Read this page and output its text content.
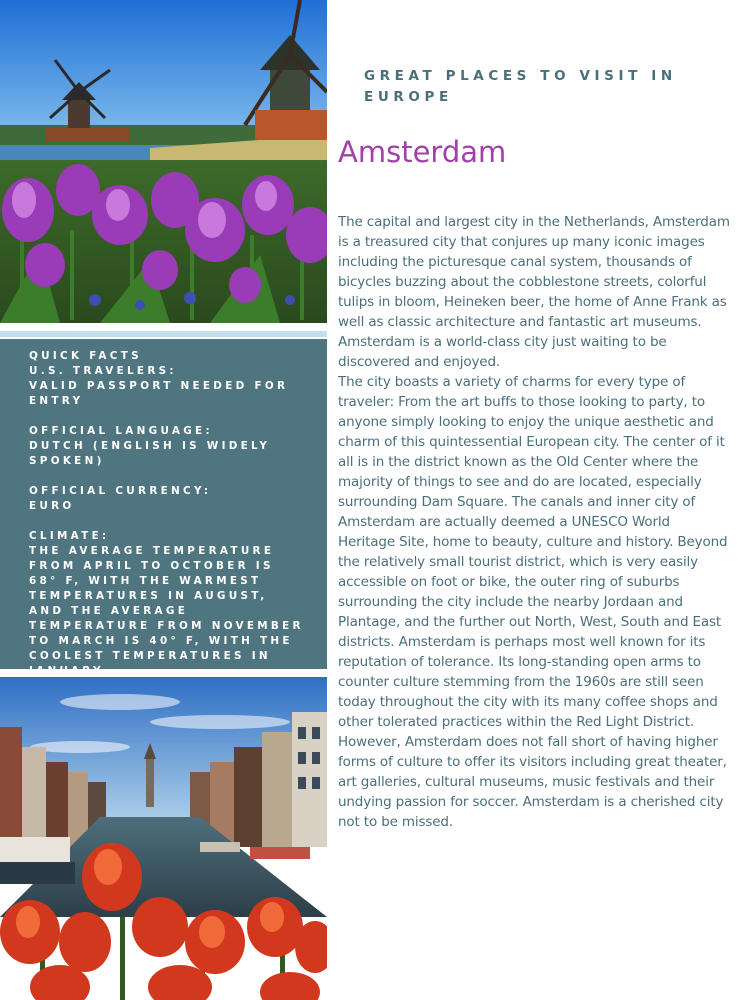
QUICK FACTS

U.S. TRAVELERS:

VALID PASSPORT NEEDED FOR ENTRY

OFFICIAL LANGUAGE:

DUTCH (ENGLISH IS WIDELY SPOKEN)

OFFICIAL CURRENCY:

EURO

CLIMATE:

THE AVERAGE TEMPERATURE FROM APRIL TO OCTOBER IS 68° F, WITH THE WARMEST TEMPERATURES IN AUGUST, AND THE AVERAGE TEMPERATURE FROM NOVEMBER TO MARCH IS 40° F, WITH THE COOLEST TEMPERATURES IN JANUARY

GREAT PLACES TO VISIT IN EUROPE
Amsterdam

The capital and largest city in the Netherlands, Amsterdam is a treasured city that conjures up many iconic images including the picturesque canal system, thousands of bicycles buzzing about the cobblestone streets, colorful tulips in bloom, Heineken beer, the home of Anne Frank as well as classic architecture and fantastic art museums. Amsterdam is a world-class city just waiting to be discovered and enjoyed.

The city boasts a variety of charms for every type of traveler: From the art buffs to those looking to party, to anyone simply looking to enjoy the unique aesthetic and charm of this quintessential European city. The center of it all is in the district known as the Old Center where the majority of things to see and do are located, especially surrounding Dam Square. The canals and inner city of Amsterdam are actually deemed a UNESCO World Heritage Site, home to beauty, culture and history. Beyond the relatively small tourist district, which is very easily accessible on foot or bike, the outer ring of suburbs surrounding the city include the nearby Jordaan and Plantage, and the further out North, West, South and East districts. Amsterdam is perhaps most well known for its reputation of tolerance. Its long-standing open arms to counter culture stemming from the 1960s are still seen today throughout the city with its many coffee shops and other tolerated practices within the Red Light District. However, Amsterdam does not fall short of having higher forms of culture to offer its visitors including great theater, art galleries, cultural museums, music festivals and their undying passion for soccer. Amsterdam is a cherished city not to be missed.
